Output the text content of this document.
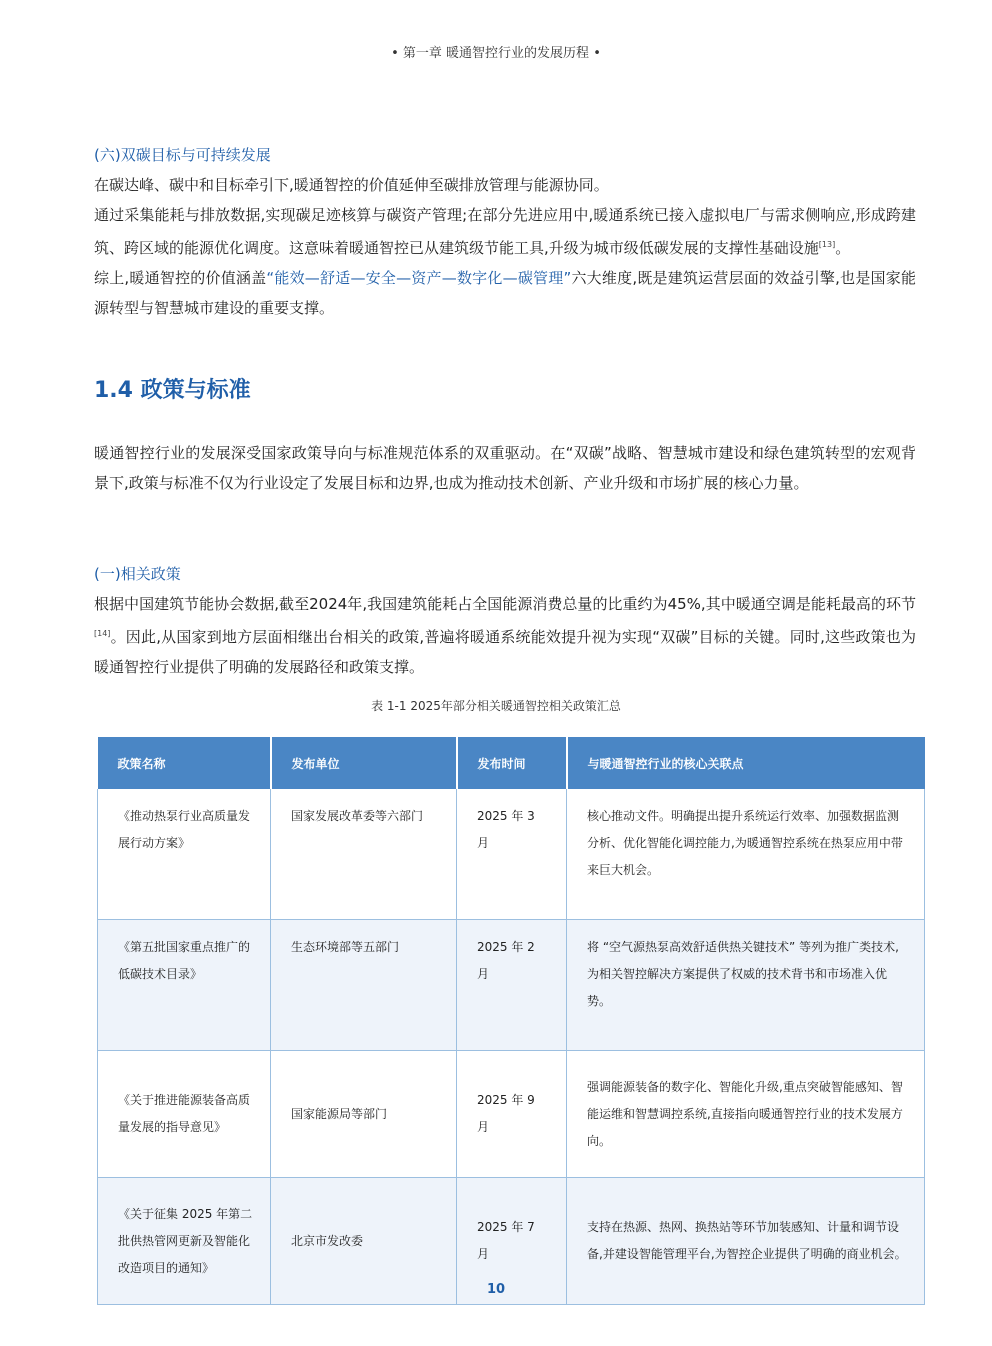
• 第一章 暖通智控行业的发展历程 •
(六)双碳目标与可持续发展

在碳达峰、碳中和目标牵引下,暖通智控的价值延伸至碳排放管理与能源协同。

通过采集能耗与排放数据,实现碳足迹核算与碳资产管理;在部分先进应用中,暖通系统已接入虚拟电厂与需求侧响应,形成跨建筑、跨区域的能源优化调度。这意味着暖通智控已从建筑级节能工具,升级为城市级低碳发展的支撑性基础设施[13]。

综上,暖通智控的价值涵盖“能效—舒适—安全—资产—数字化—碳管理”六大维度,既是建筑运营层面的效益引擎,也是国家能源转型与智慧城市建设的重要支撑。

1.4 政策与标准

暖通智控行业的发展深受国家政策导向与标准规范体系的双重驱动。在“双碳”战略、智慧城市建设和绿色建筑转型的宏观背景下,政策与标准不仅为行业设定了发展目标和边界,也成为推动技术创新、产业升级和市场扩展的核心力量。

(一)相关政策

根据中国建筑节能协会数据,截至2024年,我国建筑能耗占全国能源消费总量的比重约为45%,其中暖通空调是能耗最高的环节[14]。因此,从国家到地方层面相继出台相关的政策,普遍将暖通系统能效提升视为实现“双碳”目标的关键。同时,这些政策也为暖通智控行业提供了明确的发展路径和政策支撑。

表 1-1 2025年部分相关暖通智控相关政策汇总
政策名称	发布单位	发布时间	与暖通智控行业的核心关联点
《推动热泵行业高质量发展行动方案》	国家发展改革委等六部门	2025 年 3 月	核心推动文件。明确提出提升系统运行效率、加强数据监测分析、优化智能化调控能力,为暖通智控系统在热泵应用中带来巨大机会。
《第五批国家重点推广的低碳技术目录》	生态环境部等五部门	2025 年 2 月	将 “空气源热泵高效舒适供热关键技术” 等列为推广类技术,为相关智控解决方案提供了权威的技术背书和市场准入优势。
《关于推进能源装备高质量发展的指导意见》	国家能源局等部门	2025 年 9 月	强调能源装备的数字化、智能化升级,重点突破智能感知、智能运维和智慧调控系统,直接指向暖通智控行业的技术发展方向。
《关于征集 2025 年第二批供热管网更新及智能化改造项目的通知》	北京市发改委	2025 年 7 月	支持在热源、热网、换热站等环节加装感知、计量和调节设备,并建设智能管理平台,为智控企业提供了明确的商业机会。
10
